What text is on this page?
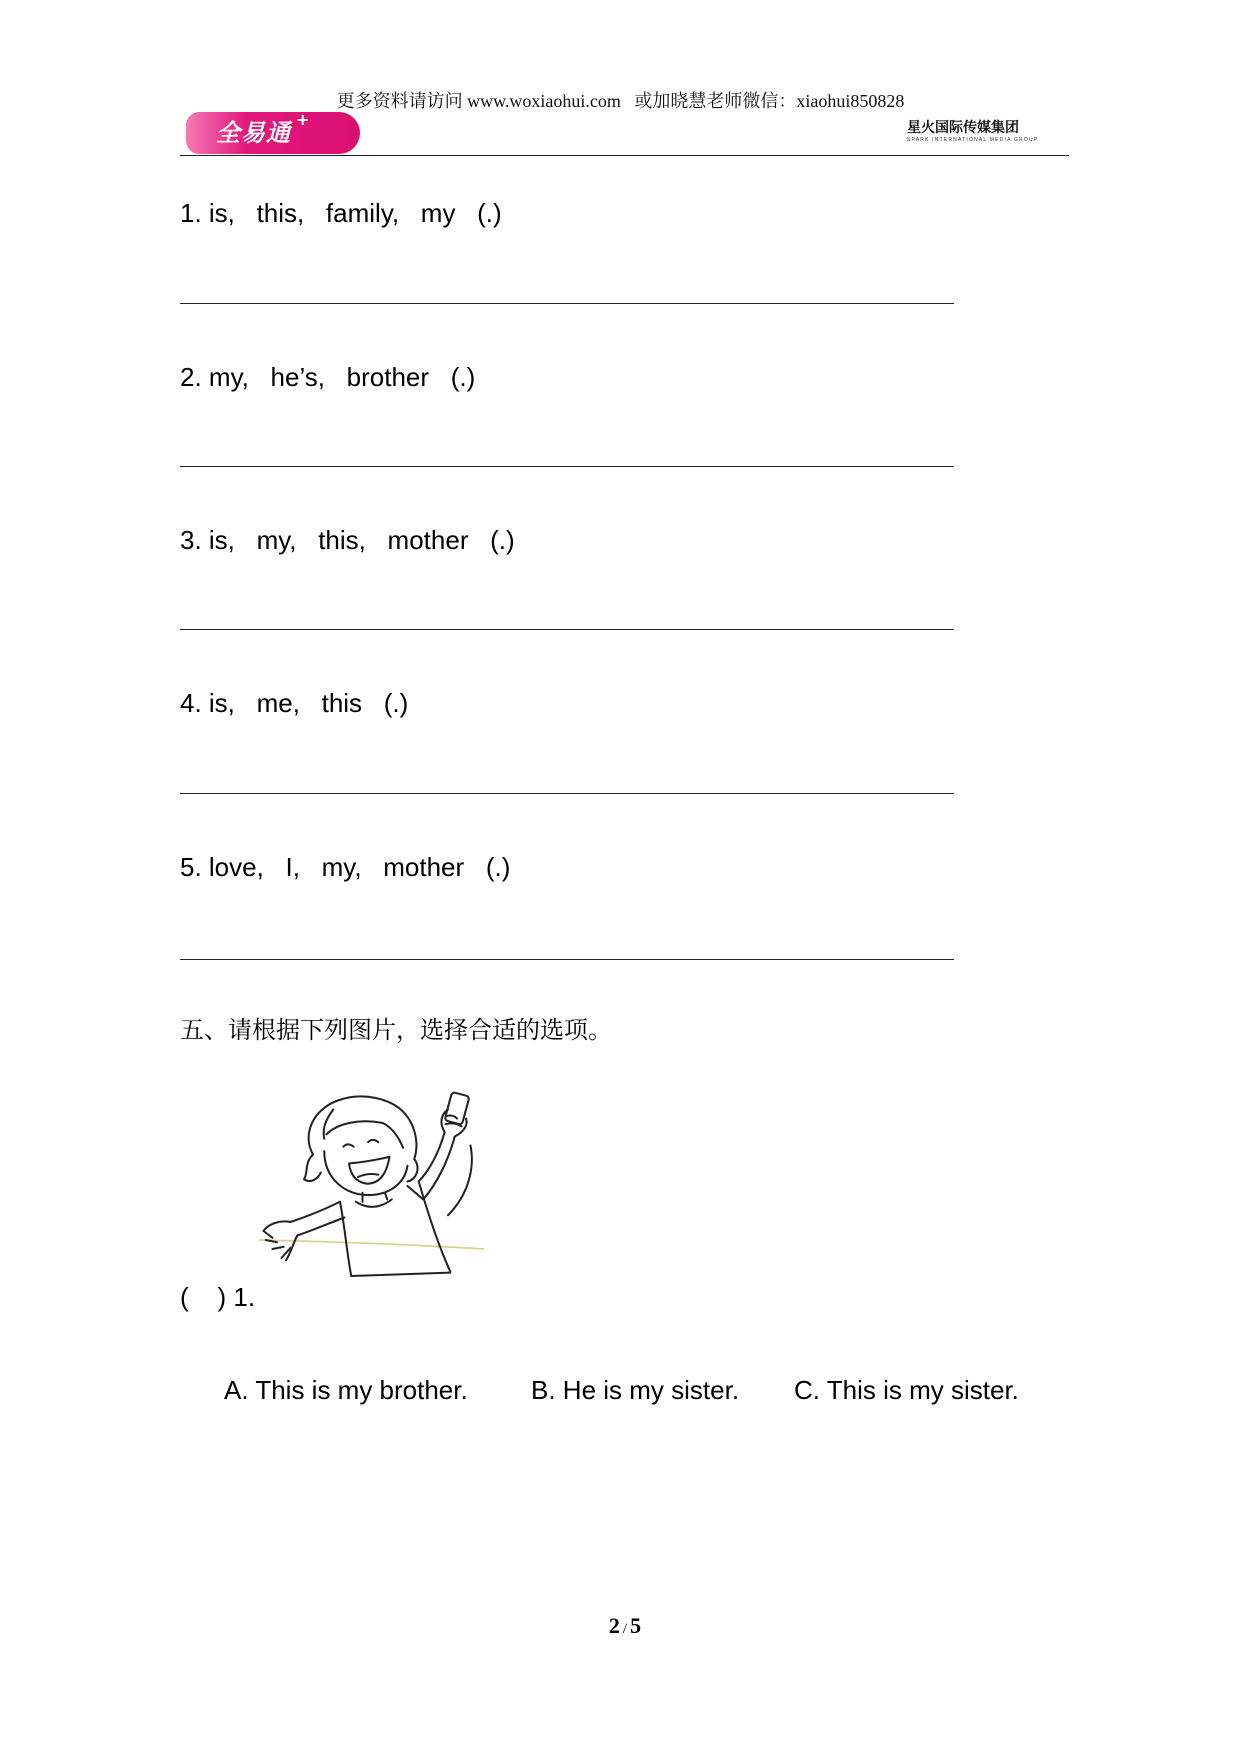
更多资料请访问 www.woxiaohui.com   或加晓慧老师微信：xiaohui850828
全易通 +	星火国际传媒集团
SPARK INTERNATIONAL MEDIA GROUP
1. is,   this,   family,   my   (.)
2. my,   he’s,   brother   (.)
3. is,   my,   this,   mother   (.)
4. is,   me,   this   (.)
5. love,   I,   my,   mother   (.)
五、请根据下列图片，选择合适的选项。
(    ) 1.
A. This is my brother. B. He is my sister. C. This is my sister.
2 / 5
